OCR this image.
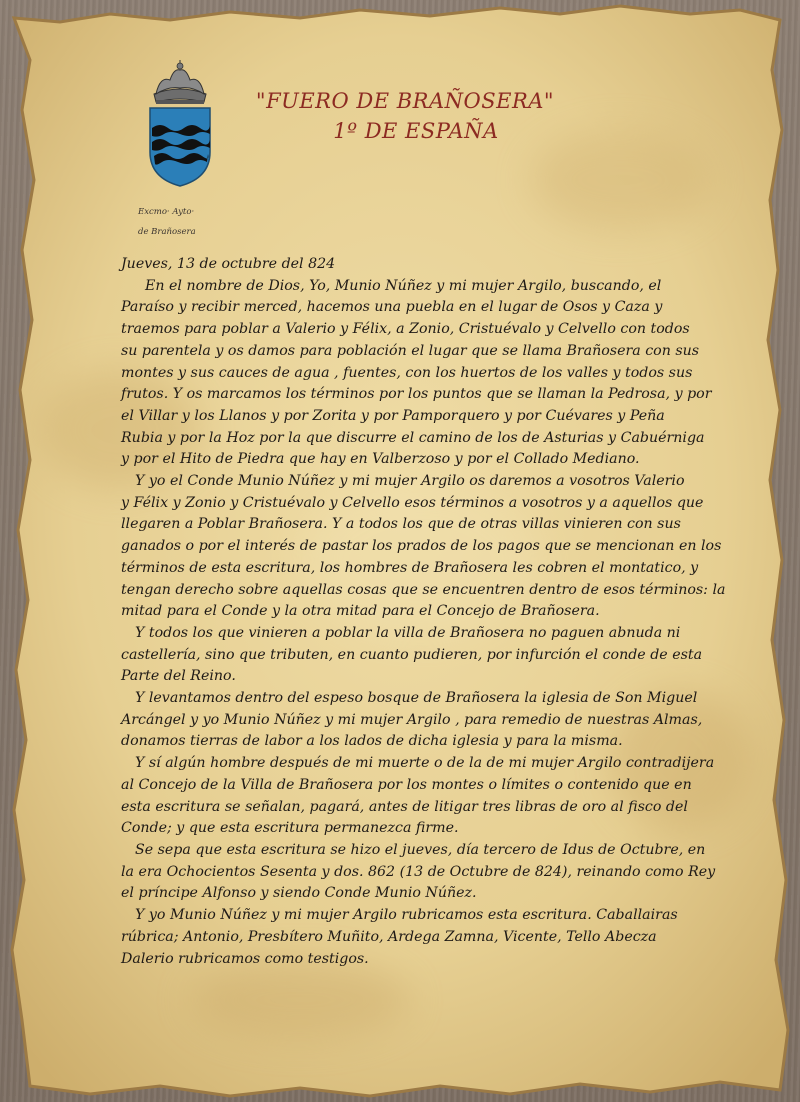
Excmo· Ayto·
de Brañosera
"FUERO DE BRAÑOSERA"
1º DE ESPAÑA
Jueves, 13 de octubre del 824
En el nombre de Dios, Yo, Munio Núñez y mi mujer Argilo, buscando, el
Paraíso y recibir merced, hacemos una puebla en el lugar de Osos y Caza y
traemos para poblar a Valerio y Félix, a Zonio, Cristuévalo y Celvello con todos
su parentela y os damos para población el lugar que se llama Brañosera con sus
montes y sus cauces de agua , fuentes, con los huertos de los valles y todos sus
frutos. Y os marcamos los términos por los puntos que se llaman la Pedrosa, y por
el Villar y los Llanos y por Zorita y por Pamporquero y por Cuévares y Peña
Rubia y por la Hoz por la que discurre el camino de los de Asturias y Cabuérniga
y por el Hito de Piedra que hay en Valberzoso y por el Collado Mediano.
Y yo el Conde Munio Núñez y mi mujer Argilo os daremos a vosotros Valerio
y Félix y Zonio y Cristuévalo y Celvello esos términos a vosotros y a aquellos que
llegaren a Poblar Brañosera. Y a todos los que de otras villas vinieren con sus
ganados o por el interés de pastar los prados de los pagos que se mencionan en los
términos de esta escritura, los hombres de Brañosera les cobren el montatico, y
tengan derecho sobre aquellas cosas que se encuentren dentro de esos términos: la
mitad para el Conde y la otra mitad para el Concejo de Brañosera.
Y todos los que vinieren a poblar la villa de Brañosera no paguen abnuda ni
castellería, sino que tributen, en cuanto pudieren, por infurción el conde de esta
Parte del Reino.
Y levantamos dentro del espeso bosque de Brañosera la iglesia de Son Miguel
Arcángel y yo Munio Núñez y mi mujer Argilo , para remedio de nuestras Almas,
donamos tierras de labor a los lados de dicha iglesia y para la misma.
Y sí algún hombre después de mi muerte o de la de mi mujer Argilo contradijera
al Concejo de la Villa de Brañosera por los montes o límites o contenido que en
esta escritura se señalan, pagará, antes de litigar tres libras de oro al fisco del
Conde; y que esta escritura permanezca firme.
Se sepa que esta escritura se hizo el jueves, día tercero de Idus de Octubre, en
la era Ochocientos Sesenta y dos. 862 (13 de Octubre de 824), reinando como Rey
el príncipe Alfonso y siendo Conde Munio Núñez.
Y yo Munio Núñez y mi mujer Argilo rubricamos esta escritura. Caballairas
rúbrica; Antonio, Presbítero Muñito, Ardega Zamna, Vicente, Tello Abecza
Dalerio rubricamos como testigos.
